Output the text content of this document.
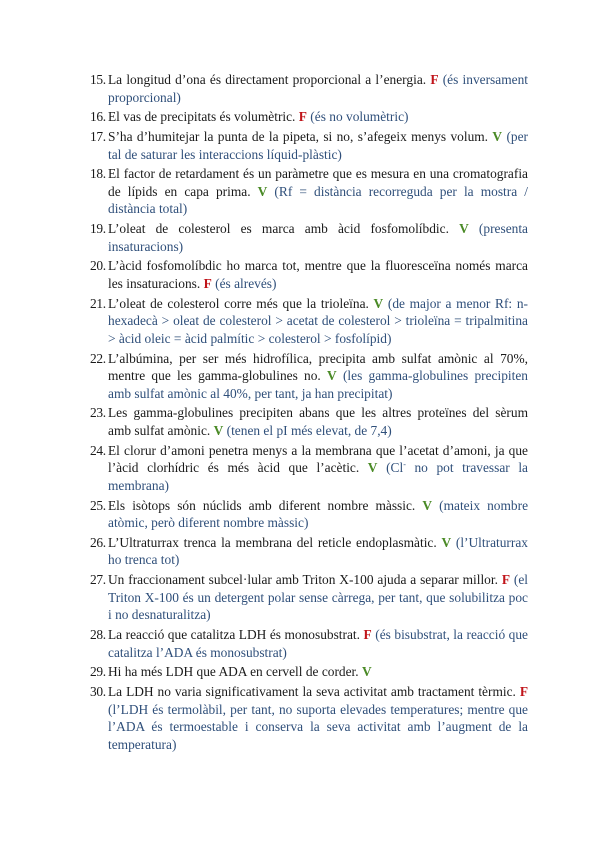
15. La longitud d’ona és directament proporcional a l’energia. F (és inversament proporcional)
16. El vas de precipitats és volumètric. F (és no volumètric)
17. S’ha d’humitejar la punta de la pipeta, si no, s’afegeix menys volum. V (per tal de saturar les interaccions líquid-plàstic)
18. El factor de retardament és un paràmetre que es mesura en una cromatografia de lípids en capa prima. V (Rf = distància recorreguda per la mostra / distància total)
19. L’oleat de colesterol es marca amb àcid fosfomolíbdic. V (presenta insaturacions)
20. L’àcid fosfomolíbdic ho marca tot, mentre que la fluoresceïna només marca les insaturacions. F (és alrevés)
21. L’oleat de colesterol corre més que la trioleïna. V (de major a menor Rf: n-hexadecà > oleat de colesterol > acetat de colesterol > trioleïna = tripalmitina > àcid oleic = àcid palmític > colesterol > fosfolípid)
22. L’albúmina, per ser més hidrofílica, precipita amb sulfat amònic al 70%, mentre que les gamma-globulines no. V (les gamma-globulines precipiten amb sulfat amònic al 40%, per tant, ja han precipitat)
23. Les gamma-globulines precipiten abans que les altres proteïnes del sèrum amb sulfat amònic. V (tenen el pI més elevat, de 7,4)
24. El clorur d’amoni penetra menys a la membrana que l’acetat d’amoni, ja que l’àcid clorhídric és més àcid que l’acètic. V (Cl- no pot travessar la membrana)
25. Els isòtops són núclids amb diferent nombre màssic. V (mateix nombre atòmic, però diferent nombre màssic)
26. L’Ultraturrax trenca la membrana del reticle endoplasmàtic. V (l’Ultraturrax ho trenca tot)
27. Un fraccionament subcel·lular amb Triton X-100 ajuda a separar millor. F (el Triton X-100 és un detergent polar sense càrrega, per tant, que solubilitza poc i no desnaturalitza)
28. La reacció que catalitza LDH és monosubstrat. F (és bisubstrat, la reacció que catalitza l’ADA és monosubstrat)
29. Hi ha més LDH que ADA en cervell de corder. V
30. La LDH no varia significativament la seva activitat amb tractament tèrmic. F (l’LDH és termolàbil, per tant, no suporta elevades temperatures; mentre que l’ADA és termoestable i conserva la seva activitat amb l’augment de la temperatura)
